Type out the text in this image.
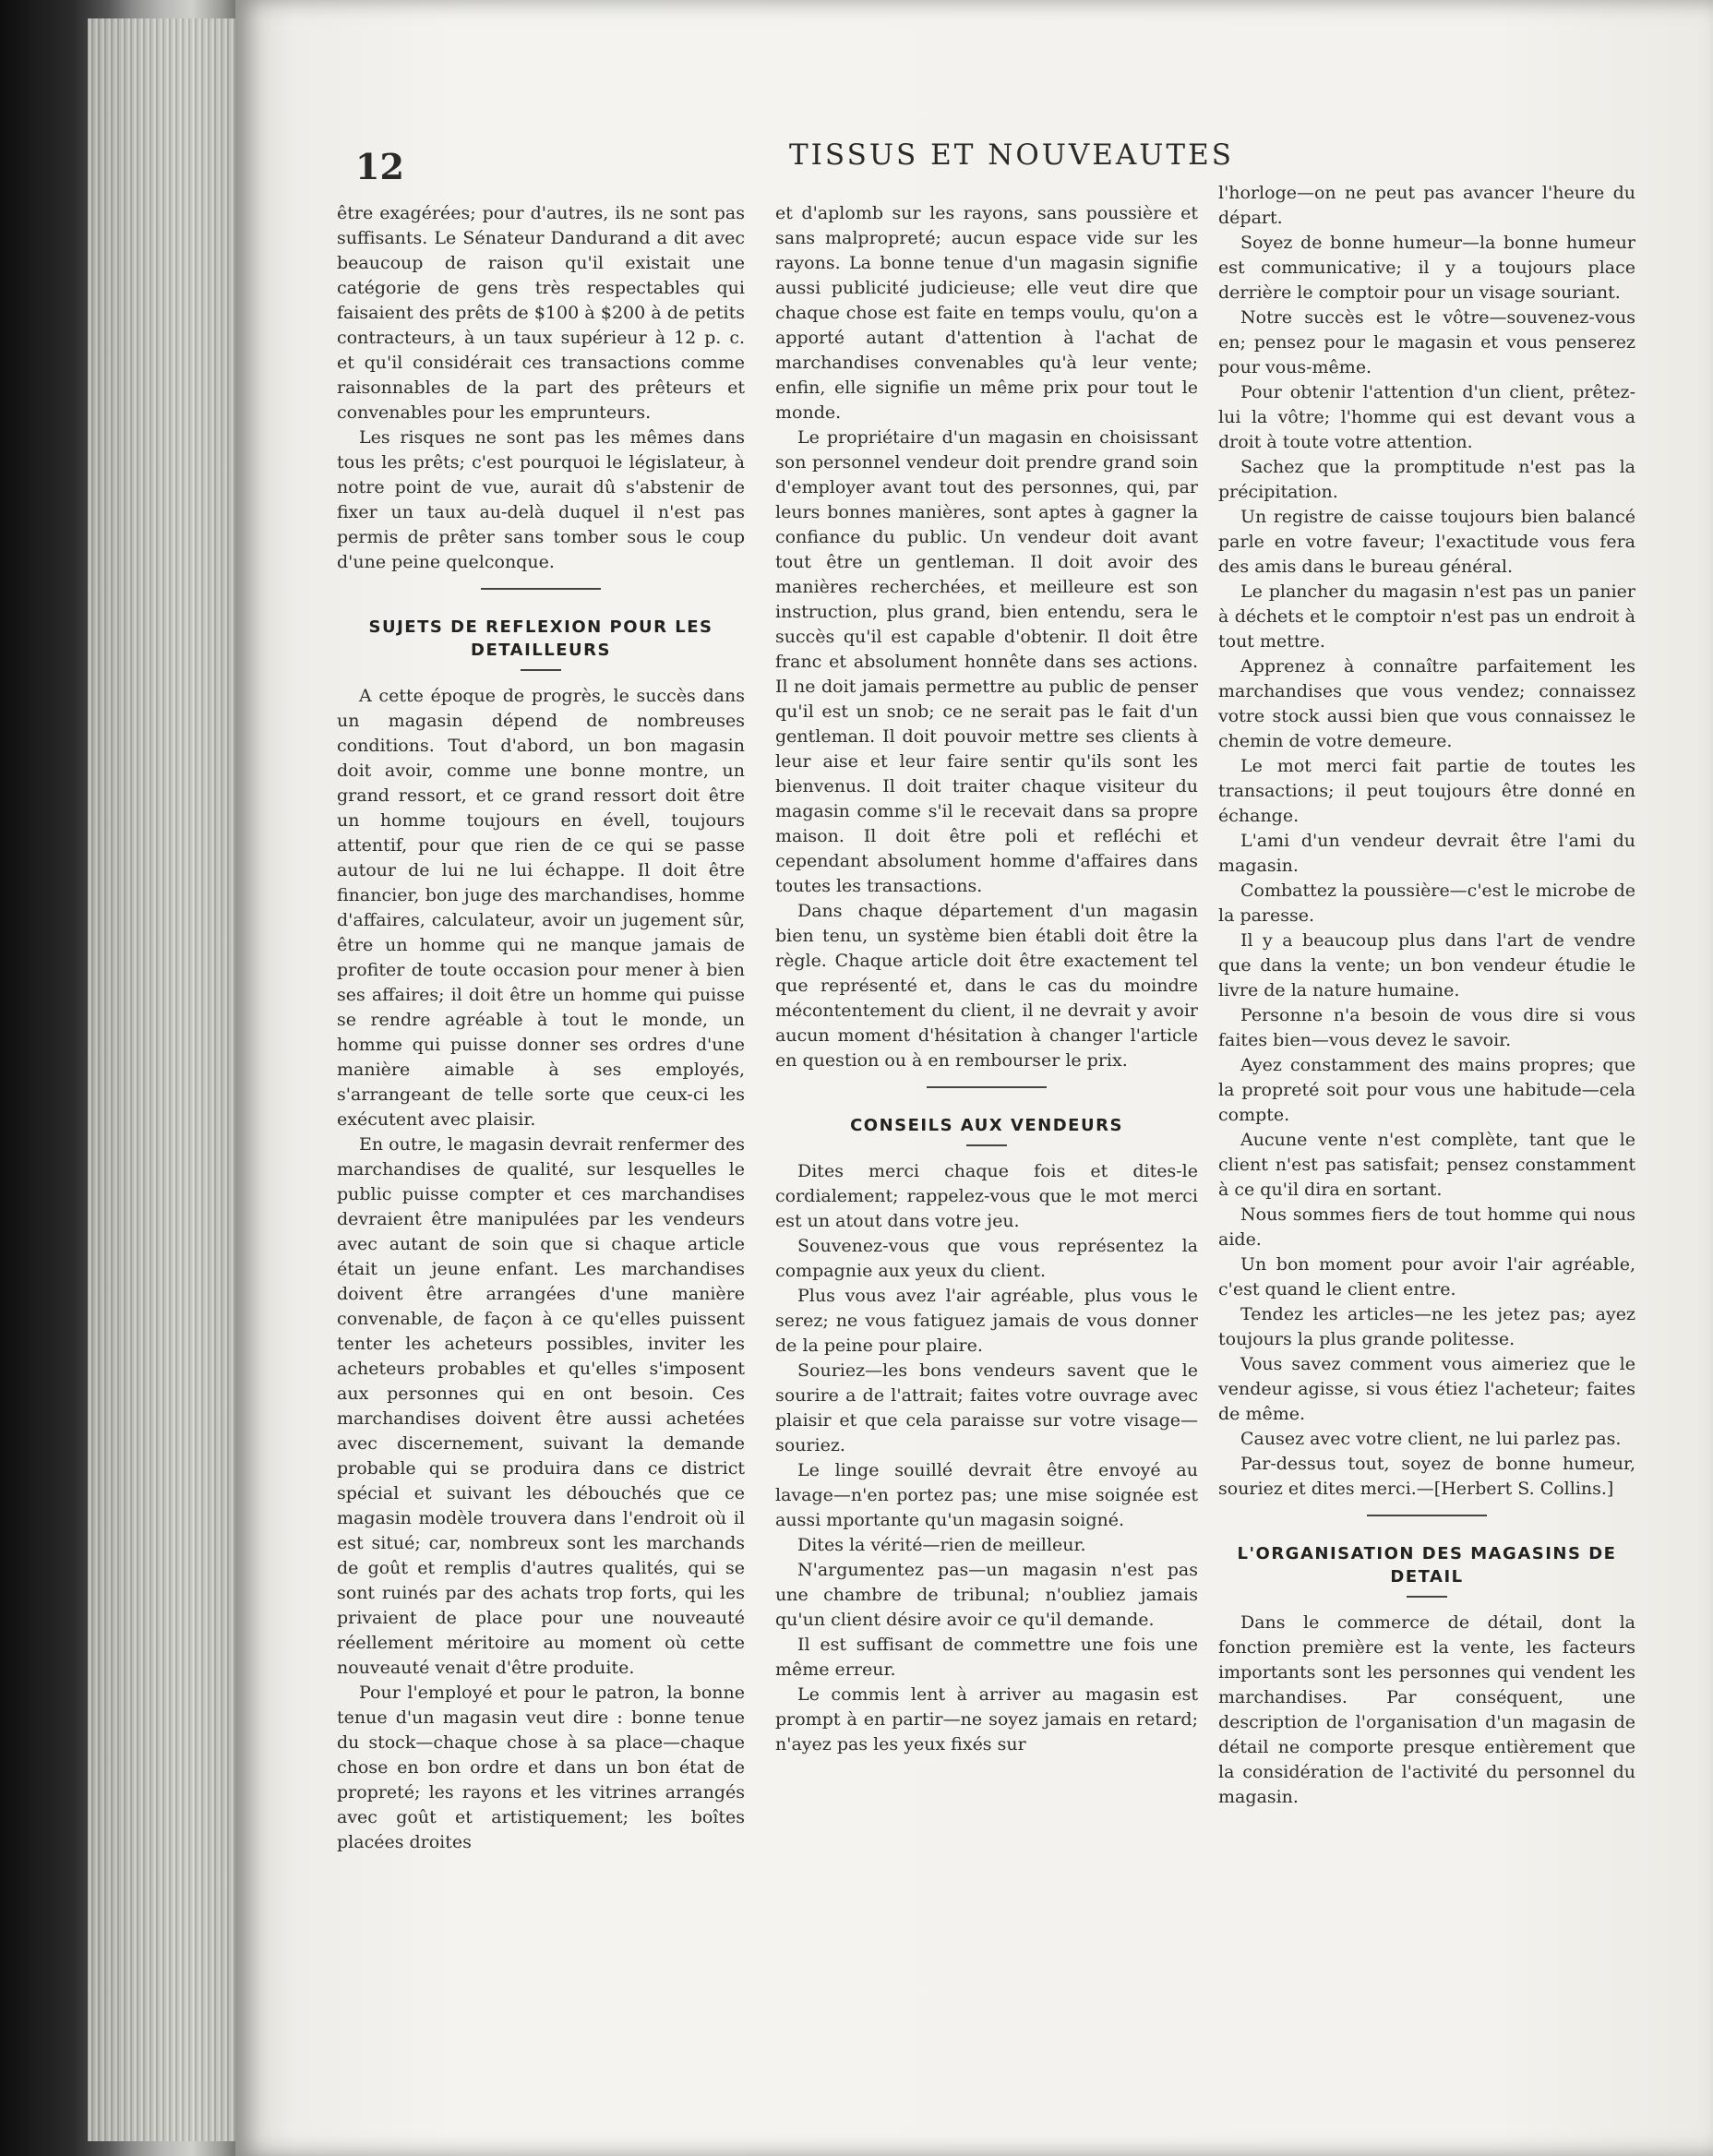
12	TISSUS ET NOUVEAUTES

être exagérées; pour d'autres, ils ne sont pas suffisants. Le Sénateur Dandurand a dit avec beaucoup de raison qu'il existait une catégorie de gens très respectables qui faisaient des prêts de $100 à $200 à de petits contracteurs, à un taux supérieur à 12 p. c. et qu'il considérait ces transactions comme raisonnables de la part des prêteurs et convenables pour les emprunteurs.

Les risques ne sont pas les mêmes dans tous les prêts; c'est pourquoi le législateur, à notre point de vue, aurait dû s'abstenir de fixer un taux au-delà duquel il n'est pas permis de prêter sans tomber sous le coup d'une peine quelconque.

SUJETS DE REFLEXION POUR LES DETAILLEURS

A cette époque de progrès, le succès dans un magasin dépend de nombreuses conditions. Tout d'abord, un bon magasin doit avoir, comme une bonne montre, un grand ressort, et ce grand ressort doit être un homme toujours en évell, toujours attentif, pour que rien de ce qui se passe autour de lui ne lui échappe. Il doit être financier, bon juge des marchandises, homme d'affaires, calculateur, avoir un jugement sûr, être un homme qui ne manque jamais de profiter de toute occasion pour mener à bien ses affaires; il doit être un homme qui puisse se rendre agréable à tout le monde, un homme qui puisse donner ses ordres d'une manière aimable à ses employés, s'arrangeant de telle sorte que ceux-ci les exécutent avec plaisir.

En outre, le magasin devrait renfermer des marchandises de qualité, sur lesquelles le public puisse compter et ces marchandises devraient être manipulées par les vendeurs avec autant de soin que si chaque article était un jeune enfant. Les marchandises doivent être arrangées d'une manière convenable, de façon à ce qu'elles puissent tenter les acheteurs possibles, inviter les acheteurs probables et qu'elles s'imposent aux personnes qui en ont besoin. Ces marchandises doivent être aussi achetées avec discernement, suivant la demande probable qui se produira dans ce district spécial et suivant les débouchés que ce magasin modèle trouvera dans l'endroit où il est situé; car, nombreux sont les marchands de goût et remplis d'autres qualités, qui se sont ruinés par des achats trop forts, qui les privaient de place pour une nouveauté réellement méritoire au moment où cette nouveauté venait d'être produite.

Pour l'employé et pour le patron, la bonne tenue d'un magasin veut dire : bonne tenue du stock—chaque chose à sa place—chaque chose en bon ordre et dans un bon état de propreté; les rayons et les vitrines arrangés avec goût et artistiquement; les boîtes placées droites

et d'aplomb sur les rayons, sans poussière et sans malpropreté; aucun espace vide sur les rayons. La bonne tenue d'un magasin signifie aussi publicité judicieuse; elle veut dire que chaque chose est faite en temps voulu, qu'on a apporté autant d'attention à l'achat de marchandises convenables qu'à leur vente; enfin, elle signifie un même prix pour tout le monde.

Le propriétaire d'un magasin en choisissant son personnel vendeur doit prendre grand soin d'employer avant tout des personnes, qui, par leurs bonnes manières, sont aptes à gagner la confiance du public. Un vendeur doit avant tout être un gentleman. Il doit avoir des manières recherchées, et meilleure est son instruction, plus grand, bien entendu, sera le succès qu'il est capable d'obtenir. Il doit être franc et absolument honnête dans ses actions. Il ne doit jamais permettre au public de penser qu'il est un snob; ce ne serait pas le fait d'un gentleman. Il doit pouvoir mettre ses clients à leur aise et leur faire sentir qu'ils sont les bienvenus. Il doit traiter chaque visiteur du magasin comme s'il le recevait dans sa propre maison. Il doit être poli et refléchi et cependant absolument homme d'affaires dans toutes les transactions.

Dans chaque département d'un magasin bien tenu, un système bien établi doit être la règle. Chaque article doit être exactement tel que représenté et, dans le cas du moindre mécontentement du client, il ne devrait y avoir aucun moment d'hésitation à changer l'article en question ou à en rembourser le prix.

CONSEILS AUX VENDEURS

Dites merci chaque fois et dites-le cordialement; rappelez-vous que le mot merci est un atout dans votre jeu.

Souvenez-vous que vous représentez la compagnie aux yeux du client.

Plus vous avez l'air agréable, plus vous le serez; ne vous fatiguez jamais de vous donner de la peine pour plaire.

Souriez—les bons vendeurs savent que le sourire a de l'attrait; faites votre ouvrage avec plaisir et que cela paraisse sur votre visage—souriez.

Le linge souillé devrait être envoyé au lavage—n'en portez pas; une mise soignée est aussi mportante qu'un magasin soigné.

Dites la vérité—rien de meilleur.

N'argumentez pas—un magasin n'est pas une chambre de tribunal; n'oubliez jamais qu'un client désire avoir ce qu'il demande.

Il est suffisant de commettre une fois une même erreur.

Le commis lent à arriver au magasin est prompt à en partir—ne soyez jamais en retard; n'ayez pas les yeux fixés sur

l'horloge—on ne peut pas avancer l'heure du départ.

Soyez de bonne humeur—la bonne humeur est communicative; il y a toujours place derrière le comptoir pour un visage souriant.

Notre succès est le vôtre—souvenez-vous en; pensez pour le magasin et vous penserez pour vous-même.

Pour obtenir l'attention d'un client, prêtez-lui la vôtre; l'homme qui est devant vous a droit à toute votre attention.

Sachez que la promptitude n'est pas la précipitation.

Un registre de caisse toujours bien balancé parle en votre faveur; l'exactitude vous fera des amis dans le bureau général.

Le plancher du magasin n'est pas un panier à déchets et le comptoir n'est pas un endroit à tout mettre.

Apprenez à connaître parfaitement les marchandises que vous vendez; connaissez votre stock aussi bien que vous connaissez le chemin de votre demeure.

Le mot merci fait partie de toutes les transactions; il peut toujours être donné en échange.

L'ami d'un vendeur devrait être l'ami du magasin.

Combattez la poussière—c'est le microbe de la paresse.

Il y a beaucoup plus dans l'art de vendre que dans la vente; un bon vendeur étudie le livre de la nature humaine.

Personne n'a besoin de vous dire si vous faites bien—vous devez le savoir.

Ayez constamment des mains propres; que la propreté soit pour vous une habitude—cela compte.

Aucune vente n'est complète, tant que le client n'est pas satisfait; pensez constamment à ce qu'il dira en sortant.

Nous sommes fiers de tout homme qui nous aide.

Un bon moment pour avoir l'air agréable, c'est quand le client entre.

Tendez les articles—ne les jetez pas; ayez toujours la plus grande politesse.

Vous savez comment vous aimeriez que le vendeur agisse, si vous étiez l'acheteur; faites de même.

Causez avec votre client, ne lui parlez pas.

Par-dessus tout, soyez de bonne humeur, souriez et dites merci.—[Herbert S. Collins.]

L'ORGANISATION DES MAGASINS DE DETAIL

Dans le commerce de détail, dont la fonction première est la vente, les facteurs importants sont les personnes qui vendent les marchandises. Par conséquent, une description de l'organisation d'un magasin de détail ne comporte presque entièrement que la considération de l'activité du personnel du magasin.
